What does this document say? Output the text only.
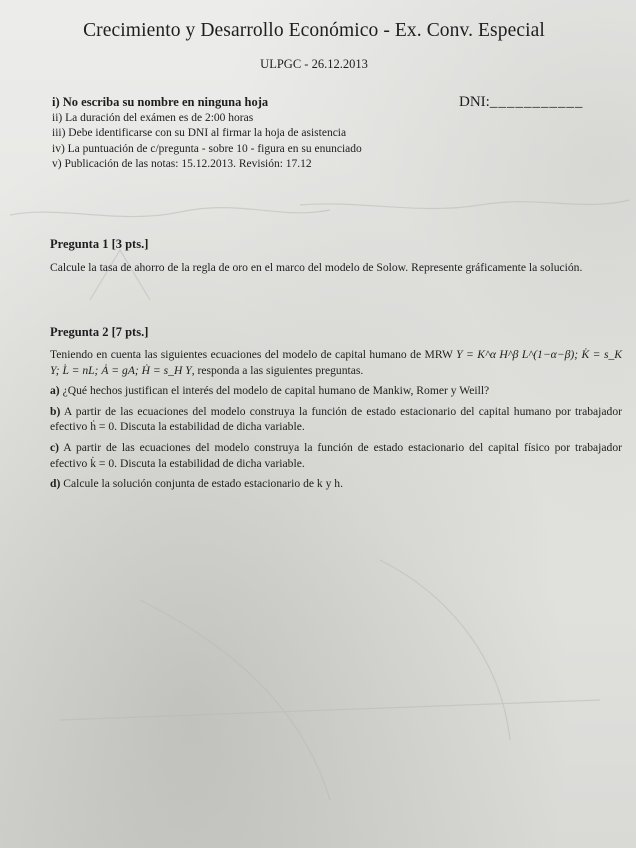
Crecimiento y Desarrollo Económico - Ex. Conv. Especial
ULPGC - 26.12.2013
i) No escriba su nombre en ninguna hoja
ii) La duración del exámen es de 2:00 horas
iii) Debe identificarse con su DNI al firmar la hoja de asistencia
iv) La puntuación de c/pregunta - sobre 10 - figura en su enunciado
v) Publicación de las notas: 15.12.2013. Revisión: 17.12
DNI:___________
Pregunta 1 [3 pts.]

Calcule la tasa de ahorro de la regla de oro en el marco del modelo de Solow. Represente gráficamente la solución.

Pregunta 2 [7 pts.]

Teniendo en cuenta las siguientes ecuaciones del modelo de capital humano de MRW Y = K^α H^β L^(1−α−β); K̇ = s_K Y; L̇ = nL; Ȧ = gA; Ḣ = s_H Y, responda a las siguientes preguntas.

a) ¿Qué hechos justifican el interés del modelo de capital humano de Mankiw, Romer y Weill?

b) A partir de las ecuaciones del modelo construya la función de estado estacionario del capital humano por trabajador efectivo ḣ = 0. Discuta la estabilidad de dicha variable.

c) A partir de las ecuaciones del modelo construya la función de estado estacionario del capital físico por trabajador efectivo k̇ = 0. Discuta la estabilidad de dicha variable.

d) Calcule la solución conjunta de estado estacionario de k y h.
